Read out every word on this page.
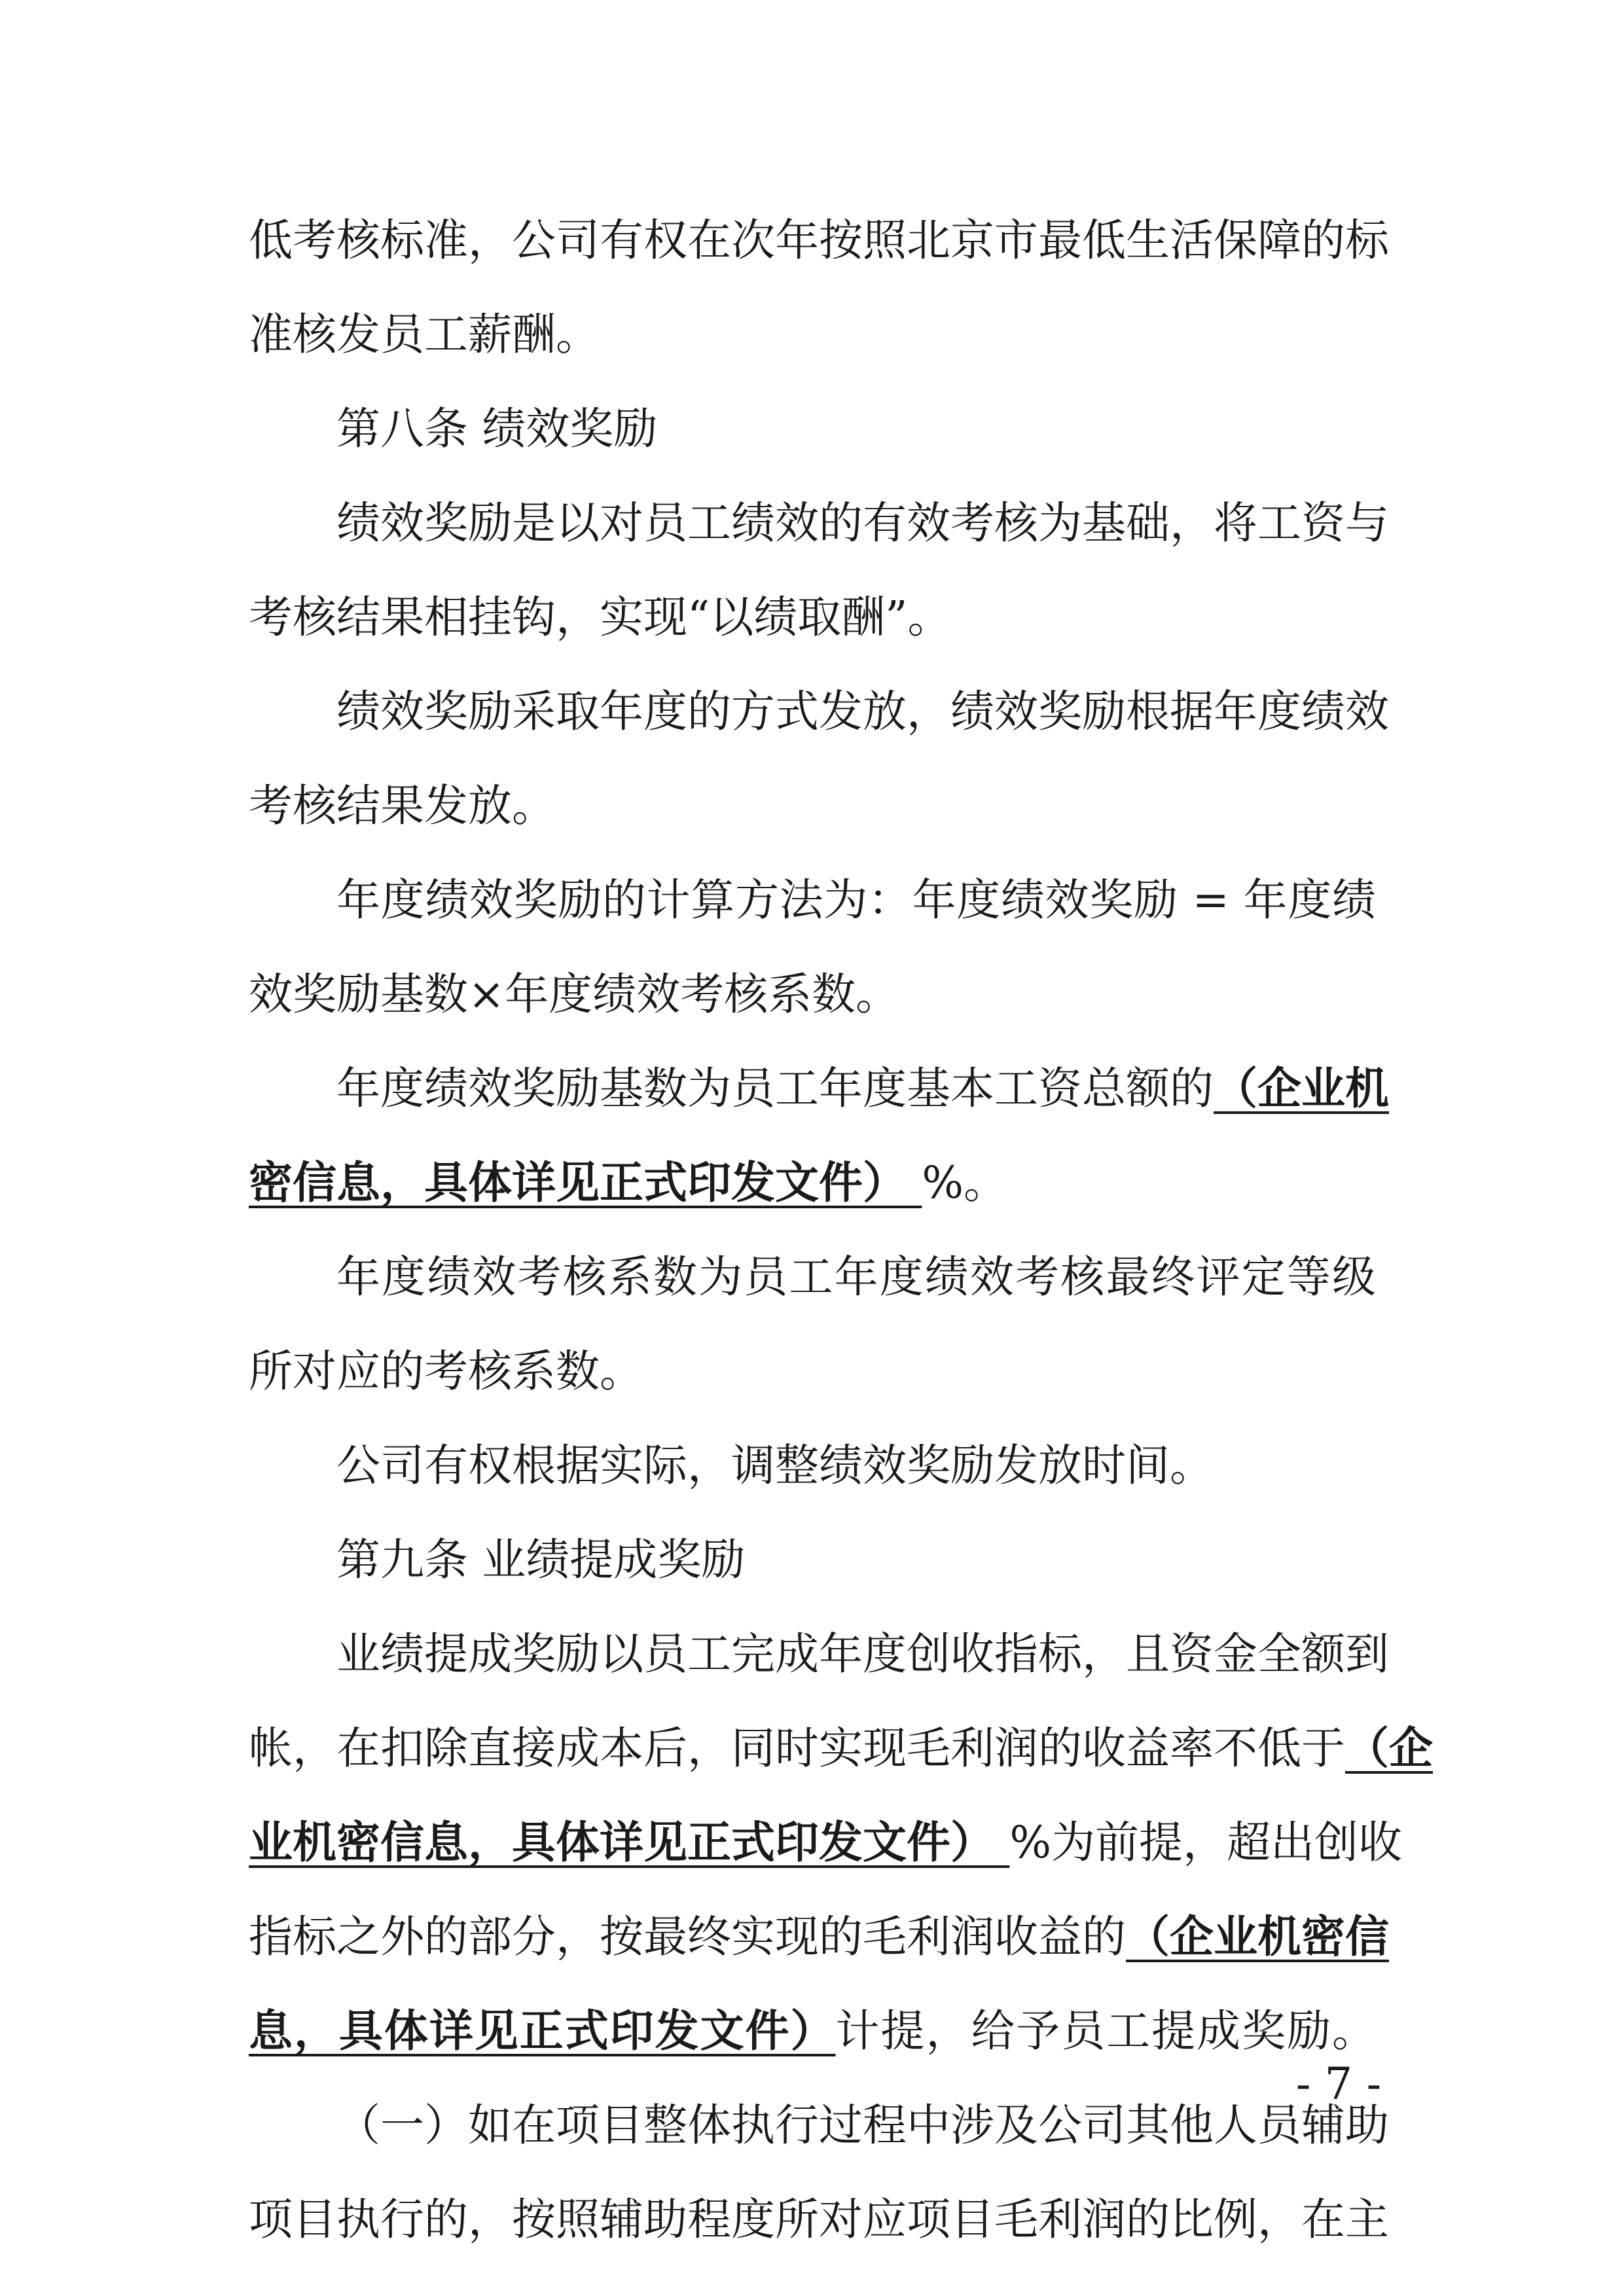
低考核标准，公司有权在次年按照北京市最低生活保障的标
准核发员工薪酬。
第八条 绩效奖励
绩效奖励是以对员工绩效的有效考核为基础，将工资与
考核结果相挂钩，实现“以绩取酬”。
绩效奖励采取年度的方式发放，绩效奖励根据年度绩效
考核结果发放。
年度绩效奖励的计算方法为：年度绩效奖励 = 年度绩
效奖励基数×年度绩效考核系数。
年度绩效奖励基数为员工年度基本工资总额的（企业机
密信息，具体详见正式印发文件） %。
年度绩效考核系数为员工年度绩效考核最终评定等级
所对应的考核系数。
公司有权根据实际，调整绩效奖励发放时间。
第九条 业绩提成奖励
业绩提成奖励以员工完成年度创收指标，且资金全额到
帐，在扣除直接成本后，同时实现毛利润的收益率不低于（企
业机密信息，具体详见正式印发文件） %为前提，超出创收
指标之外的部分，按最终实现的毛利润收益的（企业机密信
息，具体详见正式印发文件）计提，给予员工提成奖励。
（一）如在项目整体执行过程中涉及公司其他人员辅助
项目执行的，按照辅助程度所对应项目毛利润的比例，在主
- 7 -
